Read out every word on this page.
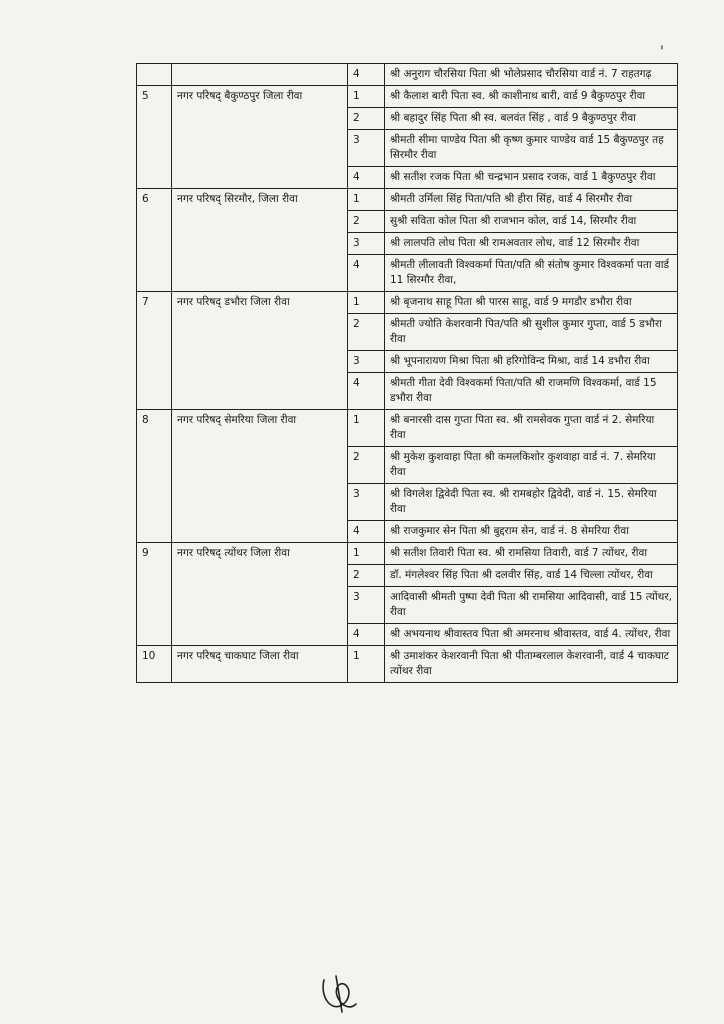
'
		4	श्री अनुराग चौरसिया पिता श्री भोलेप्रसाद चौरसिया वार्ड नं. 7 राहतगढ़
5	नगर परिषद् बैकुण्ठपुर जिला रीवा	1	श्री कैलाश बारी पिता स्व. श्री काशीनाथ बारी, वार्ड 9 बैकुण्ठपुर रीवा
		2	श्री बहादुर सिंह पिता श्री स्व. बलवंत सिंह , वार्ड 9 बैकुण्ठपुर रीवा
		3	श्रीमती सीमा पाण्डेय पिता श्री कृष्ण कुमार पाण्डेय वार्ड 15 बैकुण्ठपुर तह सिरमौर रीवा
		4	श्री सतीश रजक पिता श्री चन्द्रभान प्रसाद रजक, वार्ड 1 बैकुण्ठपुर रीवा
6	नगर परिषद् सिरमौर, जिला रीवा	1	श्रीमती उर्मिला सिंह पिता/पति श्री हीरा सिंह, वार्ड 4 सिरमौर रीवा
		2	सुश्री सविता कोल पिता श्री राजभान कोल, वार्ड 14, सिरमौर रीवा
		3	श्री लालपति लोध पिता श्री रामअवतार लोध, वार्ड 12 सिरमौर रीवा
		4	श्रीमती लीलावती विश्वकर्मा पिता/पति श्री संतोष कुमार विश्वकर्मा पता वार्ड 11 सिरमौर रीवा,
7	नगर परिषद् डभौरा जिला रीवा	1	श्री बृजनाथ साहू पिता श्री पारस साहू, वार्ड 9 मगडौर डभौरा रीवा
		2	श्रीमती ज्योति केशरवानी पित/पति श्री सुशील कुमार गुप्ता, वार्ड 5 डभौरा रीवा
		3	श्री भूपनारायण मिश्रा पिता श्री हरिगोविन्द मिश्रा, वार्ड 14 डभौरा रीवा
		4	श्रीमती गीता देवी विश्वकर्मा पिता/पति श्री राजमणि विश्वकर्मा, वार्ड 15 डभौरा रीवा
8	नगर परिषद् सेमरिया जिला रीवा	1	श्री बनारसी दास गुप्ता पिता स्व. श्री रामसेवक गुप्ता वार्ड नं 2. सेमरिया रीवा
		2	श्री मुकेश कुशवाहा पिता श्री कमलकिशोर कुशवाहा वार्ड नं. 7. सेमरिया रीवा
		3	श्री विगलेश द्विवेदी पिता स्व. श्री रामबहोर द्विवेदी, वार्ड नं. 15. सेमरिया रीवा
		4	श्री राजकुमार सेन पिता श्री बुद्दराम सेन, वार्ड नं. 8 सेमरिया रीवा
9	नगर परिषद् त्योंथर जिला रीवा	1	श्री सतीश तिवारी पिता स्व. श्री रामसिया तिवारी, वार्ड 7 त्योंथर, रीवा
		2	डॉ. मंगलेश्वर सिंह पिता श्री दलवीर सिंह, वार्ड 14 चिल्ला त्योंथर, रीवा
		3	आदिवासी श्रीमती पुष्पा देवी पिता श्री रामसिया आदिवासी, वार्ड 15 त्योंथर, रीवा
		4	श्री अभयनाथ श्रीवास्तव पिता श्री अमरनाथ श्रीवास्तव, वार्ड 4. त्योंथर, रीवा
10	नगर परिषद् चाकघाट जिला रीवा	1	श्री उमाशंकर केशरवानी पिता श्री पीताम्बरलाल केशरवानी, वार्ड 4 चाकघाट त्योंथर रीवा
